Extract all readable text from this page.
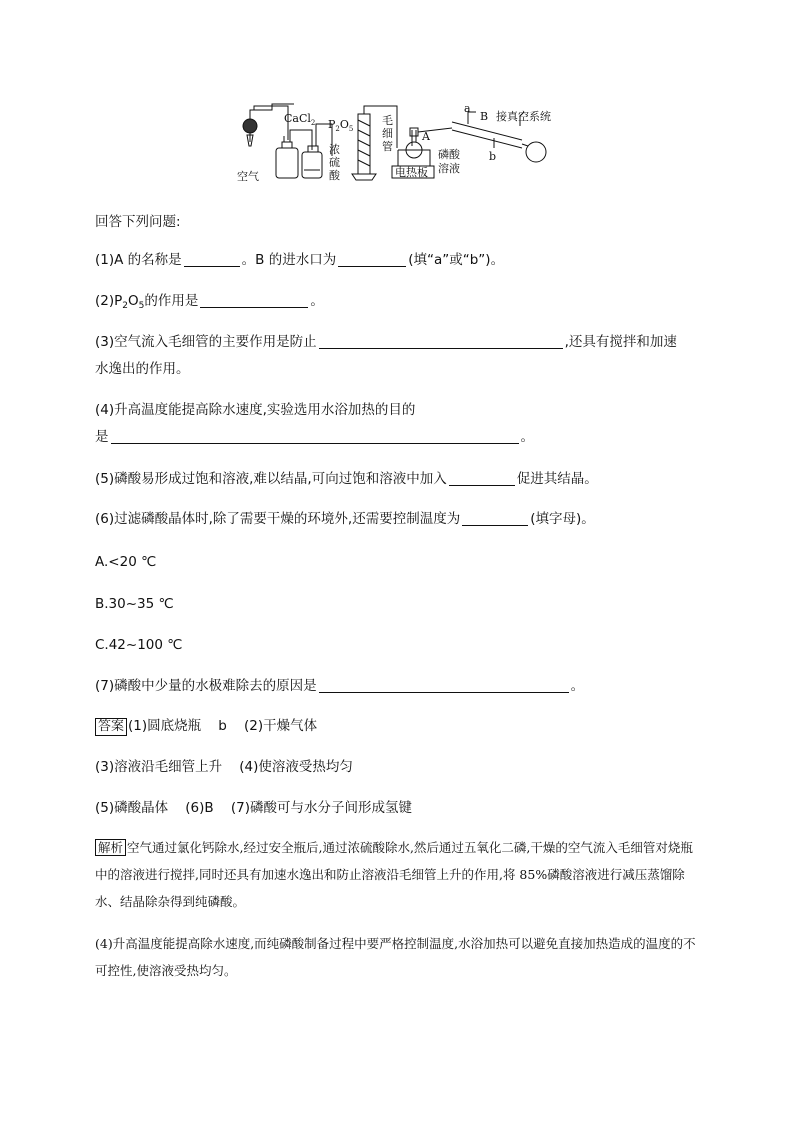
空气
CaCl$_2$
浓
硫
酸
$P_2O_5$
毛
细
管
A
a
B
b
接真空系统
磷酸
溶液
电热板
回答下列问题:
(1)A 的名称是	。B 的进水口为	(填“a”或“b”)。
$(2)P_2O_5$的作用是	。
(3)空气流入毛细管的主要作用是防止	,还具有搅拌和加速
水逸出的作用。
(4)升高温度能提高除水速度,实验选用水浴加热的目的
是	。
(5)磷酸易形成过饱和溶液,难以结晶,可向过饱和溶液中加入	促进其结晶。
(6)过滤磷酸晶体时,除了需要干燥的环境外,还需要控制温度为	(填字母)。
A.<20 ℃
B.30~35 ℃
C.42~100 ℃
(7)磷酸中少量的水极难除去的原因是	。
答案 (1)圆底烧瓶    b    (2)干燥气体
(3)溶液沿毛细管上升    (4)使溶液受热均匀
(5)磷酸晶体    (6)B    (7)磷酸可与水分子间形成氢键
解析 空气通过氯化钙除水,经过安全瓶后,通过浓硫酸除水,然后通过五氧化二磷,干燥的空气流入毛细管对烧瓶中的溶液进行搅拌,同时还具有加速水逸出和防止溶液沿毛细管上升的作用,将 85%磷酸溶液进行减压蒸馏除水、结晶除杂得到纯磷酸。
(4)升高温度能提高除水速度,而纯磷酸制备过程中要严格控制温度,水浴加热可以避免直接加热造成的温度的不可控性,使溶液受热均匀。
